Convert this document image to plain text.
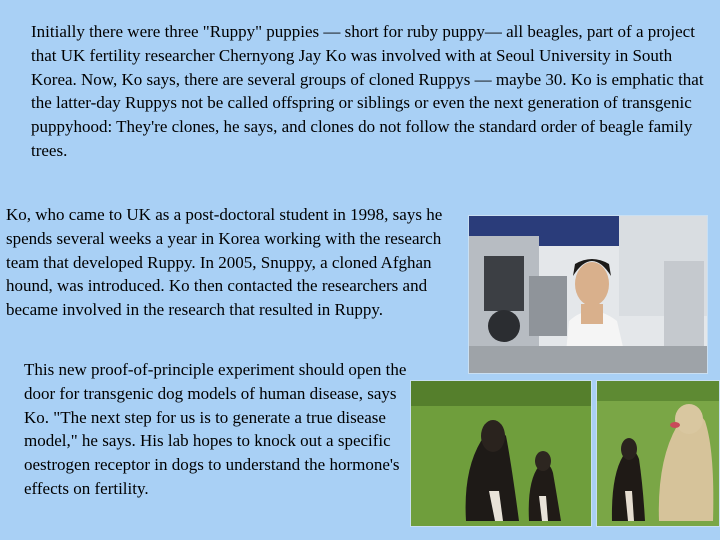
Initially there were three "Ruppy" puppies — short for ruby puppy— all beagles, part of a project that UK fertility researcher Chernyong Jay Ko was involved with at Seoul University in South Korea. Now, Ko says, there are several groups of cloned Ruppys — maybe 30. Ko is emphatic that the latter-day Ruppys not be called offspring or siblings or even the next generation of transgenic puppyhood: They're clones, he says, and clones do not follow the standard order of beagle family trees.

Ko, who came to UK as a post-doctoral student in 1998, says he spends several weeks a year in Korea working with the research team that developed Ruppy. In 2005, Snuppy, a cloned Afghan hound, was introduced. Ko then contacted the researchers and became involved in the research that resulted in Ruppy.

This new proof-of-principle experiment should open the door for transgenic dog models of human disease, says Ko. "The next step for us is to generate a true disease model," he says. His lab hopes to knock out a specific oestrogen receptor in dogs to understand the hormone's effects on fertility.
